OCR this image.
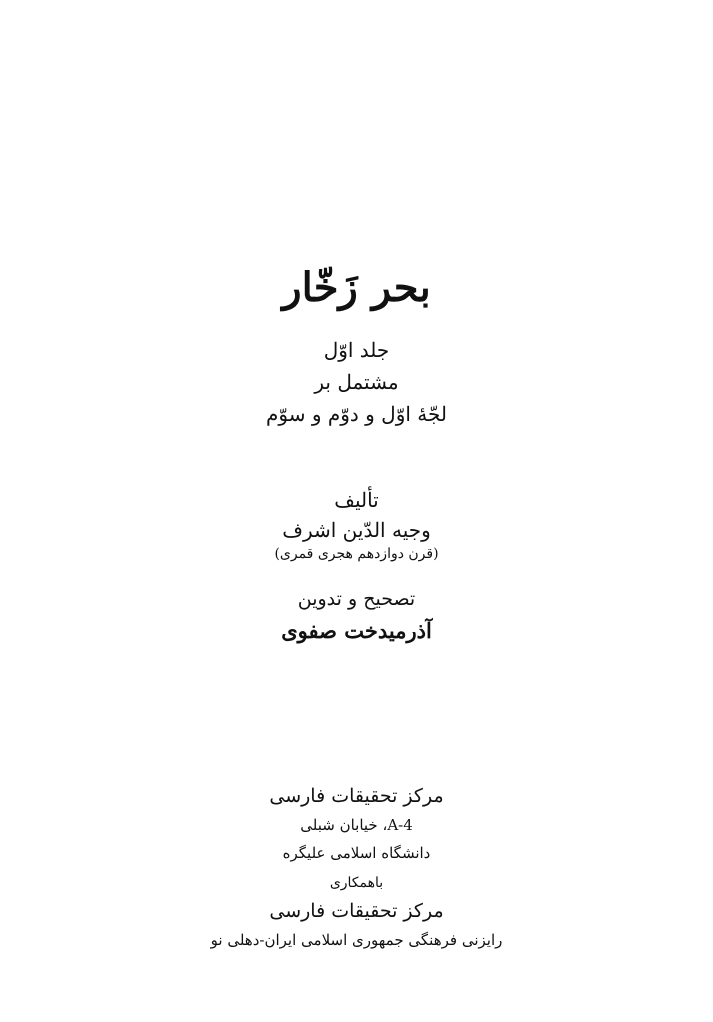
بحر زَخّار
جلد اوّل
مشتمل بر
لجّۀ اوّل و دوّم و سوّم
تألیف
وجیه الدّین اشرف
(قرن دوازدهم هجری قمری)
تصحیح و تدوین
آذرمیدخت صفوی
مرکز تحقیقات فارسی
A-4، خیابان شبلی
دانشگاه اسلامی علیگره
باهمکاری
مرکز تحقیقات فارسی
رایزنی فرهنگی جمهوری اسلامی ایران-دهلی نو
